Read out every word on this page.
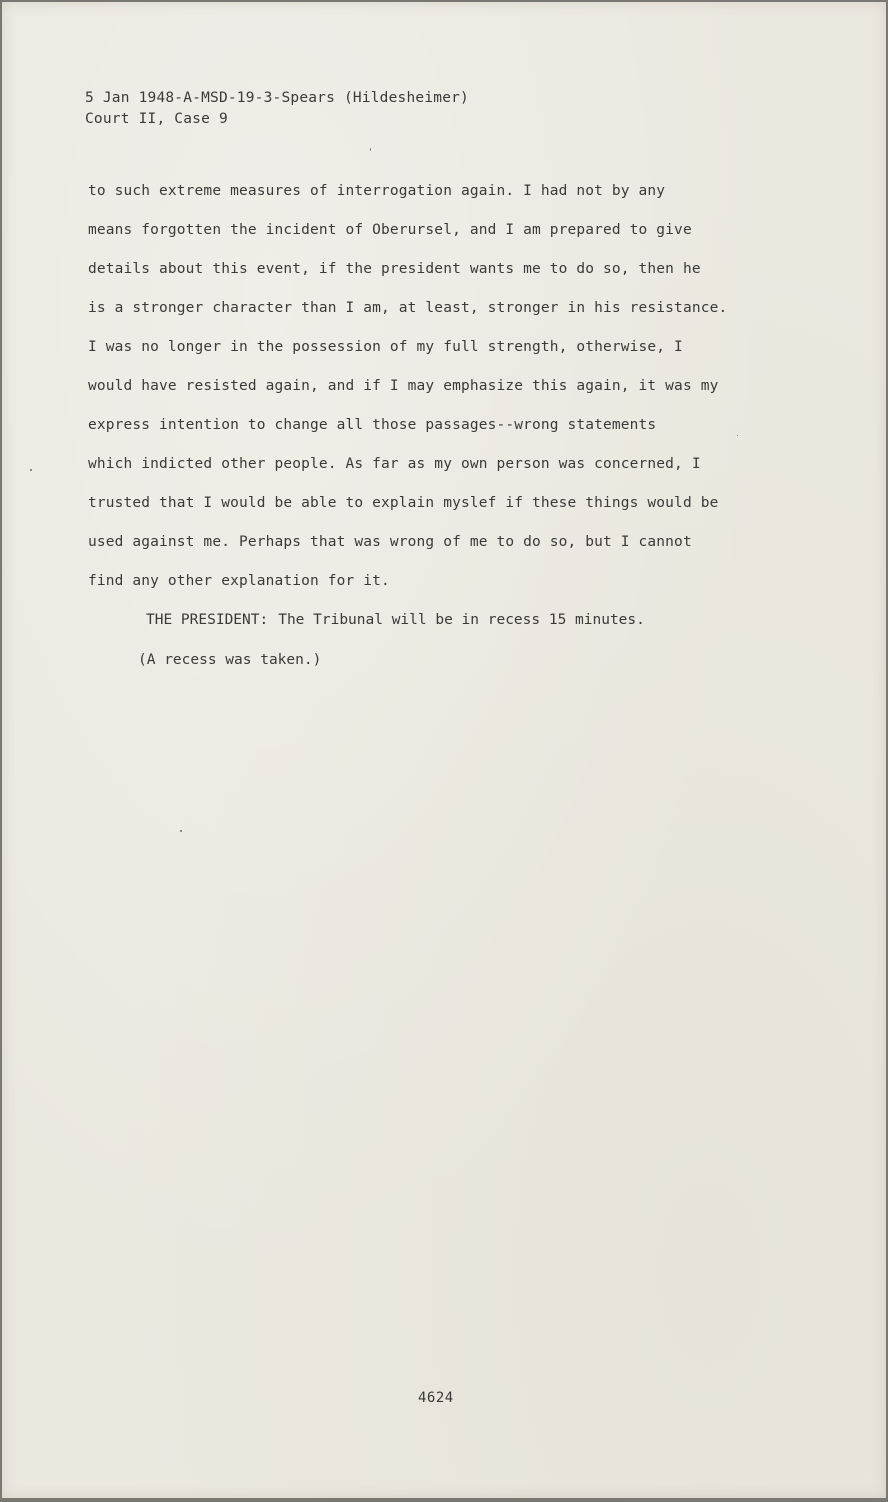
5 Jan 1948-A-MSD-19-3-Spears (Hildesheimer)
Court II, Case 9
to such extreme measures of interrogation again. I had not by any
means forgotten the incident of Oberursel, and I am prepared to give
details about this event, if the president wants me to do so, then he
is a stronger character than I am, at least, stronger in his resistance.
I was no longer in the possession of my full strength, otherwise, I
would have resisted again, and if I may emphasize this again, it was my
express intention to change all those passages--wrong statements
which indicted other people. As far as my own person was concerned, I
trusted that I would be able to explain myslef if these things would be
used against me. Perhaps that was wrong of me to do so, but I cannot
find any other explanation for it.
THE PRESIDENT: The Tribunal will be in recess 15 minutes.
(A recess was taken.)
4624
